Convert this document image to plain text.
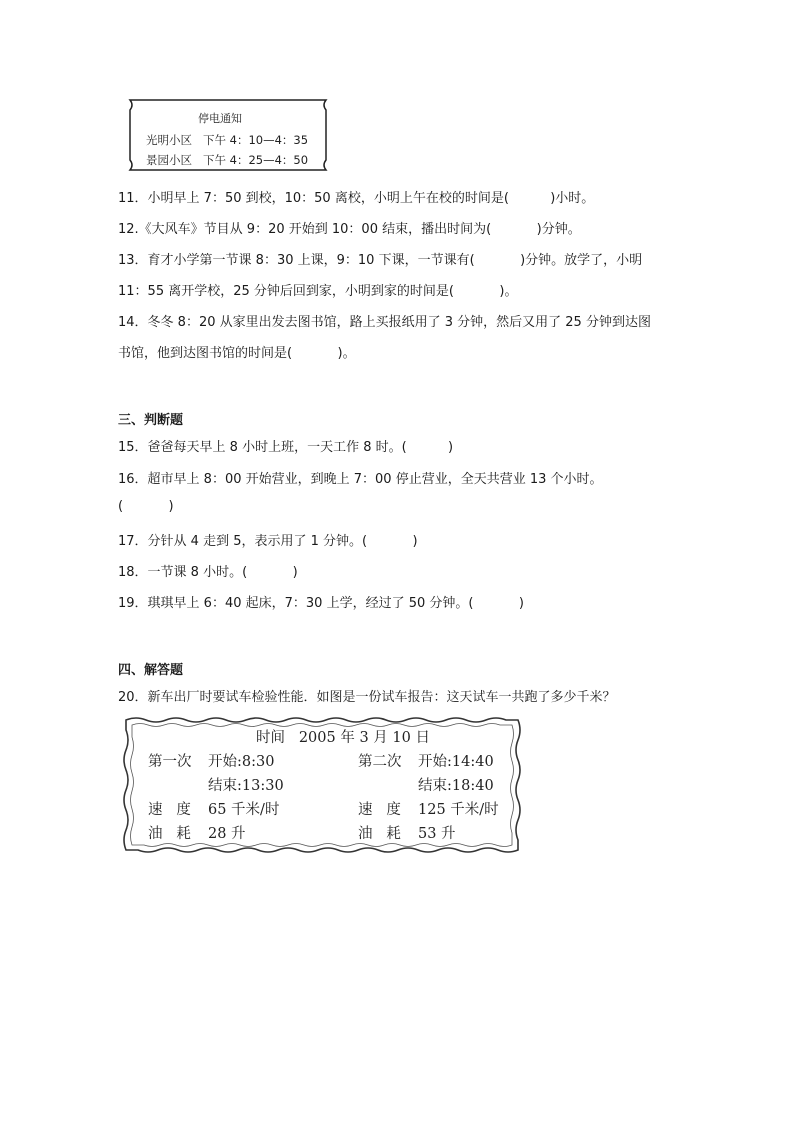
停电通知
光明小区 下午 4：10—4：35
景园小区 下午 4：25—4：50
11．小明早上 7：50 到校，10：50 离校，小明上午在校的时间是(          )小时。
12.《大风车》节目从 9：20 开始到 10：00 结束，播出时间为(           )分钟。
13．育才小学第一节课 8：30 上课，9：10 下课，一节课有(           )分钟。放学了，小明
11：55 离开学校，25 分钟后回到家，小明到家的时间是(           )。
14．冬冬 8：20 从家里出发去图书馆，路上买报纸用了 3 分钟，然后又用了 25 分钟到达图
书馆，他到达图书馆的时间是(           )。
三、判断题
15．爸爸每天早上 8 小时上班，一天工作 8 时。(          )
16．超市早上 8：00 开始营业，到晚上 7：00 停止营业，全天共营业 13 个小时。
(           )
17．分针从 4 走到 5，表示用了 1 分钟。(           )
18．一节课 8 小时。(           )
19．琪琪早上 6：40 起床，7：30 上学，经过了 50 分钟。(           )
四、解答题
20．新车出厂时要试车检验性能．如图是一份试车报告：这天试车一共跑了多少千米？
时间   2005 年 3 月 10 日
第一次 开始:8:30
结束:13:30
第二次 开始:14:40
结束:18:40
速   度 65 千米/时	速   度 125 千米/时
油   耗 28 升	油   耗 53 升
